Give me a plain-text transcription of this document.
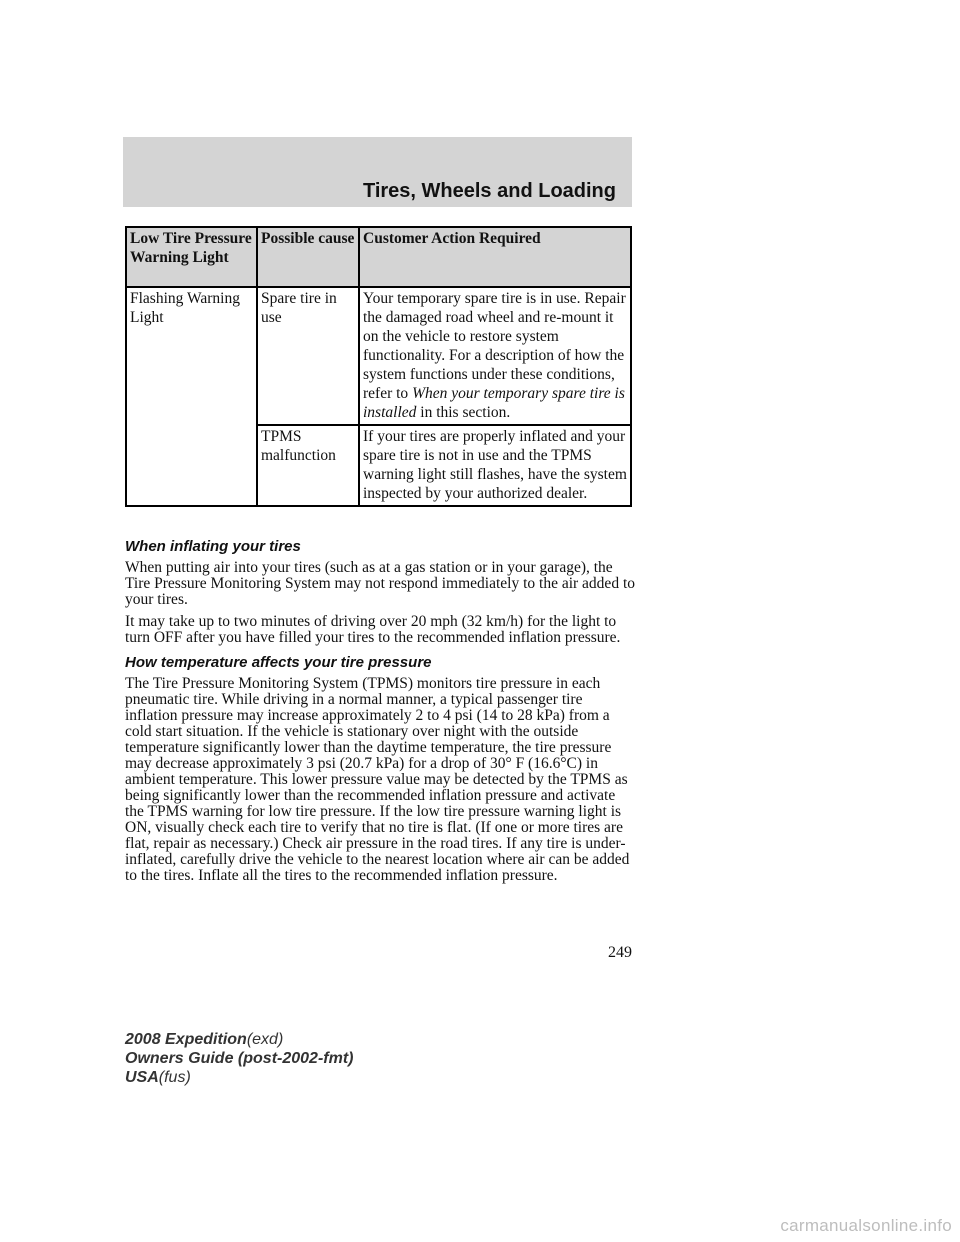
Tires, Wheels and Loading
Low Tire Pressure Warning Light	Possible cause	Customer Action Required
Flashing Warning Light	Spare tire in use	Your temporary spare tire is in use. Repair the damaged road wheel and re-mount it on the vehicle to restore system functionality. For a description of how the system functions under these conditions, refer to When your temporary spare tire is installed in this section.
	TPMS malfunction	If your tires are properly inflated and your spare tire is not in use and the TPMS warning light still flashes, have the system inspected by your authorized dealer.
When inflating your tires

When putting air into your tires (such as at a gas station or in your garage), the Tire Pressure Monitoring System may not respond immediately to the air added to your tires.

It may take up to two minutes of driving over 20 mph (32 km/h) for the light to turn OFF after you have filled your tires to the recommended inflation pressure.

How temperature affects your tire pressure

The Tire Pressure Monitoring System (TPMS) monitors tire pressure in each pneumatic tire. While driving in a normal manner, a typical passenger tire inflation pressure may increase approximately 2 to 4 psi (14 to 28 kPa) from a cold start situation. If the vehicle is stationary over night with the outside temperature significantly lower than the daytime temperature, the tire pressure may decrease approximately 3 psi (20.7 kPa) for a drop of 30° F (16.6°C) in ambient temperature. This lower pressure value may be detected by the TPMS as being significantly lower than the recommended inflation pressure and activate the TPMS warning for low tire pressure. If the low tire pressure warning light is ON, visually check each tire to verify that no tire is flat. (If one or more tires are flat, repair as necessary.) Check air pressure in the road tires. If any tire is under-inflated, carefully drive the vehicle to the nearest location where air can be added to the tires. Inflate all the tires to the recommended inflation pressure.

249
2008 Expedition(exd)
Owners Guide (post-2002-fmt)
USA(fus)
carmanualsonline.info
